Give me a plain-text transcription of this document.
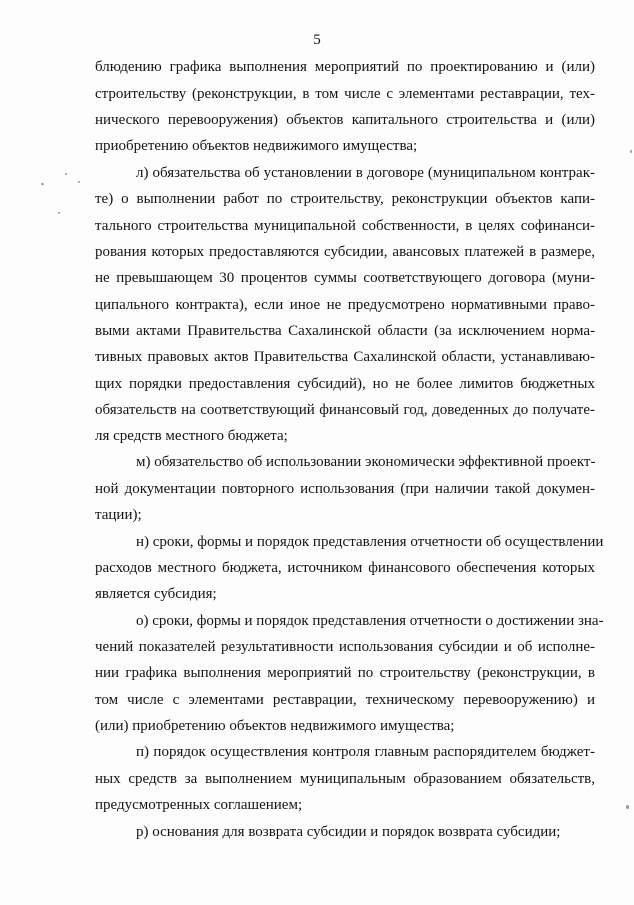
5
блюдению графика выполнения мероприятий по проектированию и (или)
строительству (реконструкции, в том числе с элементами реставрации, тех-
нического перевооружения) объектов капитального строительства и (или)
приобретению объектов недвижимого имущества;
л) обязательства об установлении в договоре (муниципальном контрак-
те) о выполнении работ по строительству, реконструкции объектов капи-
тального строительства муниципальной собственности, в целях софинанси-
рования которых предоставляются субсидии, авансовых платежей в размере,
не превышающем 30 процентов суммы соответствующего договора (муни-
ципального контракта), если иное не предусмотрено нормативными право-
выми актами Правительства Сахалинской области (за исключением норма-
тивных правовых актов Правительства Сахалинской области, устанавливаю-
щих порядки предоставления субсидий), но не более лимитов бюджетных
обязательств на соответствующий финансовый год, доведенных до получате-
ля средств местного бюджета;
м) обязательство об использовании экономически эффективной проект-
ной документации повторного использования (при наличии такой докумен-
тации);
н) сроки, формы и порядок представления отчетности об осуществлении
расходов местного бюджета, источником финансового обеспечения которых
является субсидия;
о) сроки, формы и порядок представления отчетности о достижении зна-
чений показателей результативности использования субсидии и об исполне-
нии графика выполнения мероприятий по строительству (реконструкции, в
том числе с элементами реставрации, техническому перевооружению) и
(или) приобретению объектов недвижимого имущества;
п) порядок осуществления контроля главным распорядителем бюджет-
ных средств за выполнением муниципальным образованием обязательств,
предусмотренных соглашением;
р) основания для возврата субсидии и порядок возврата субсидии;
